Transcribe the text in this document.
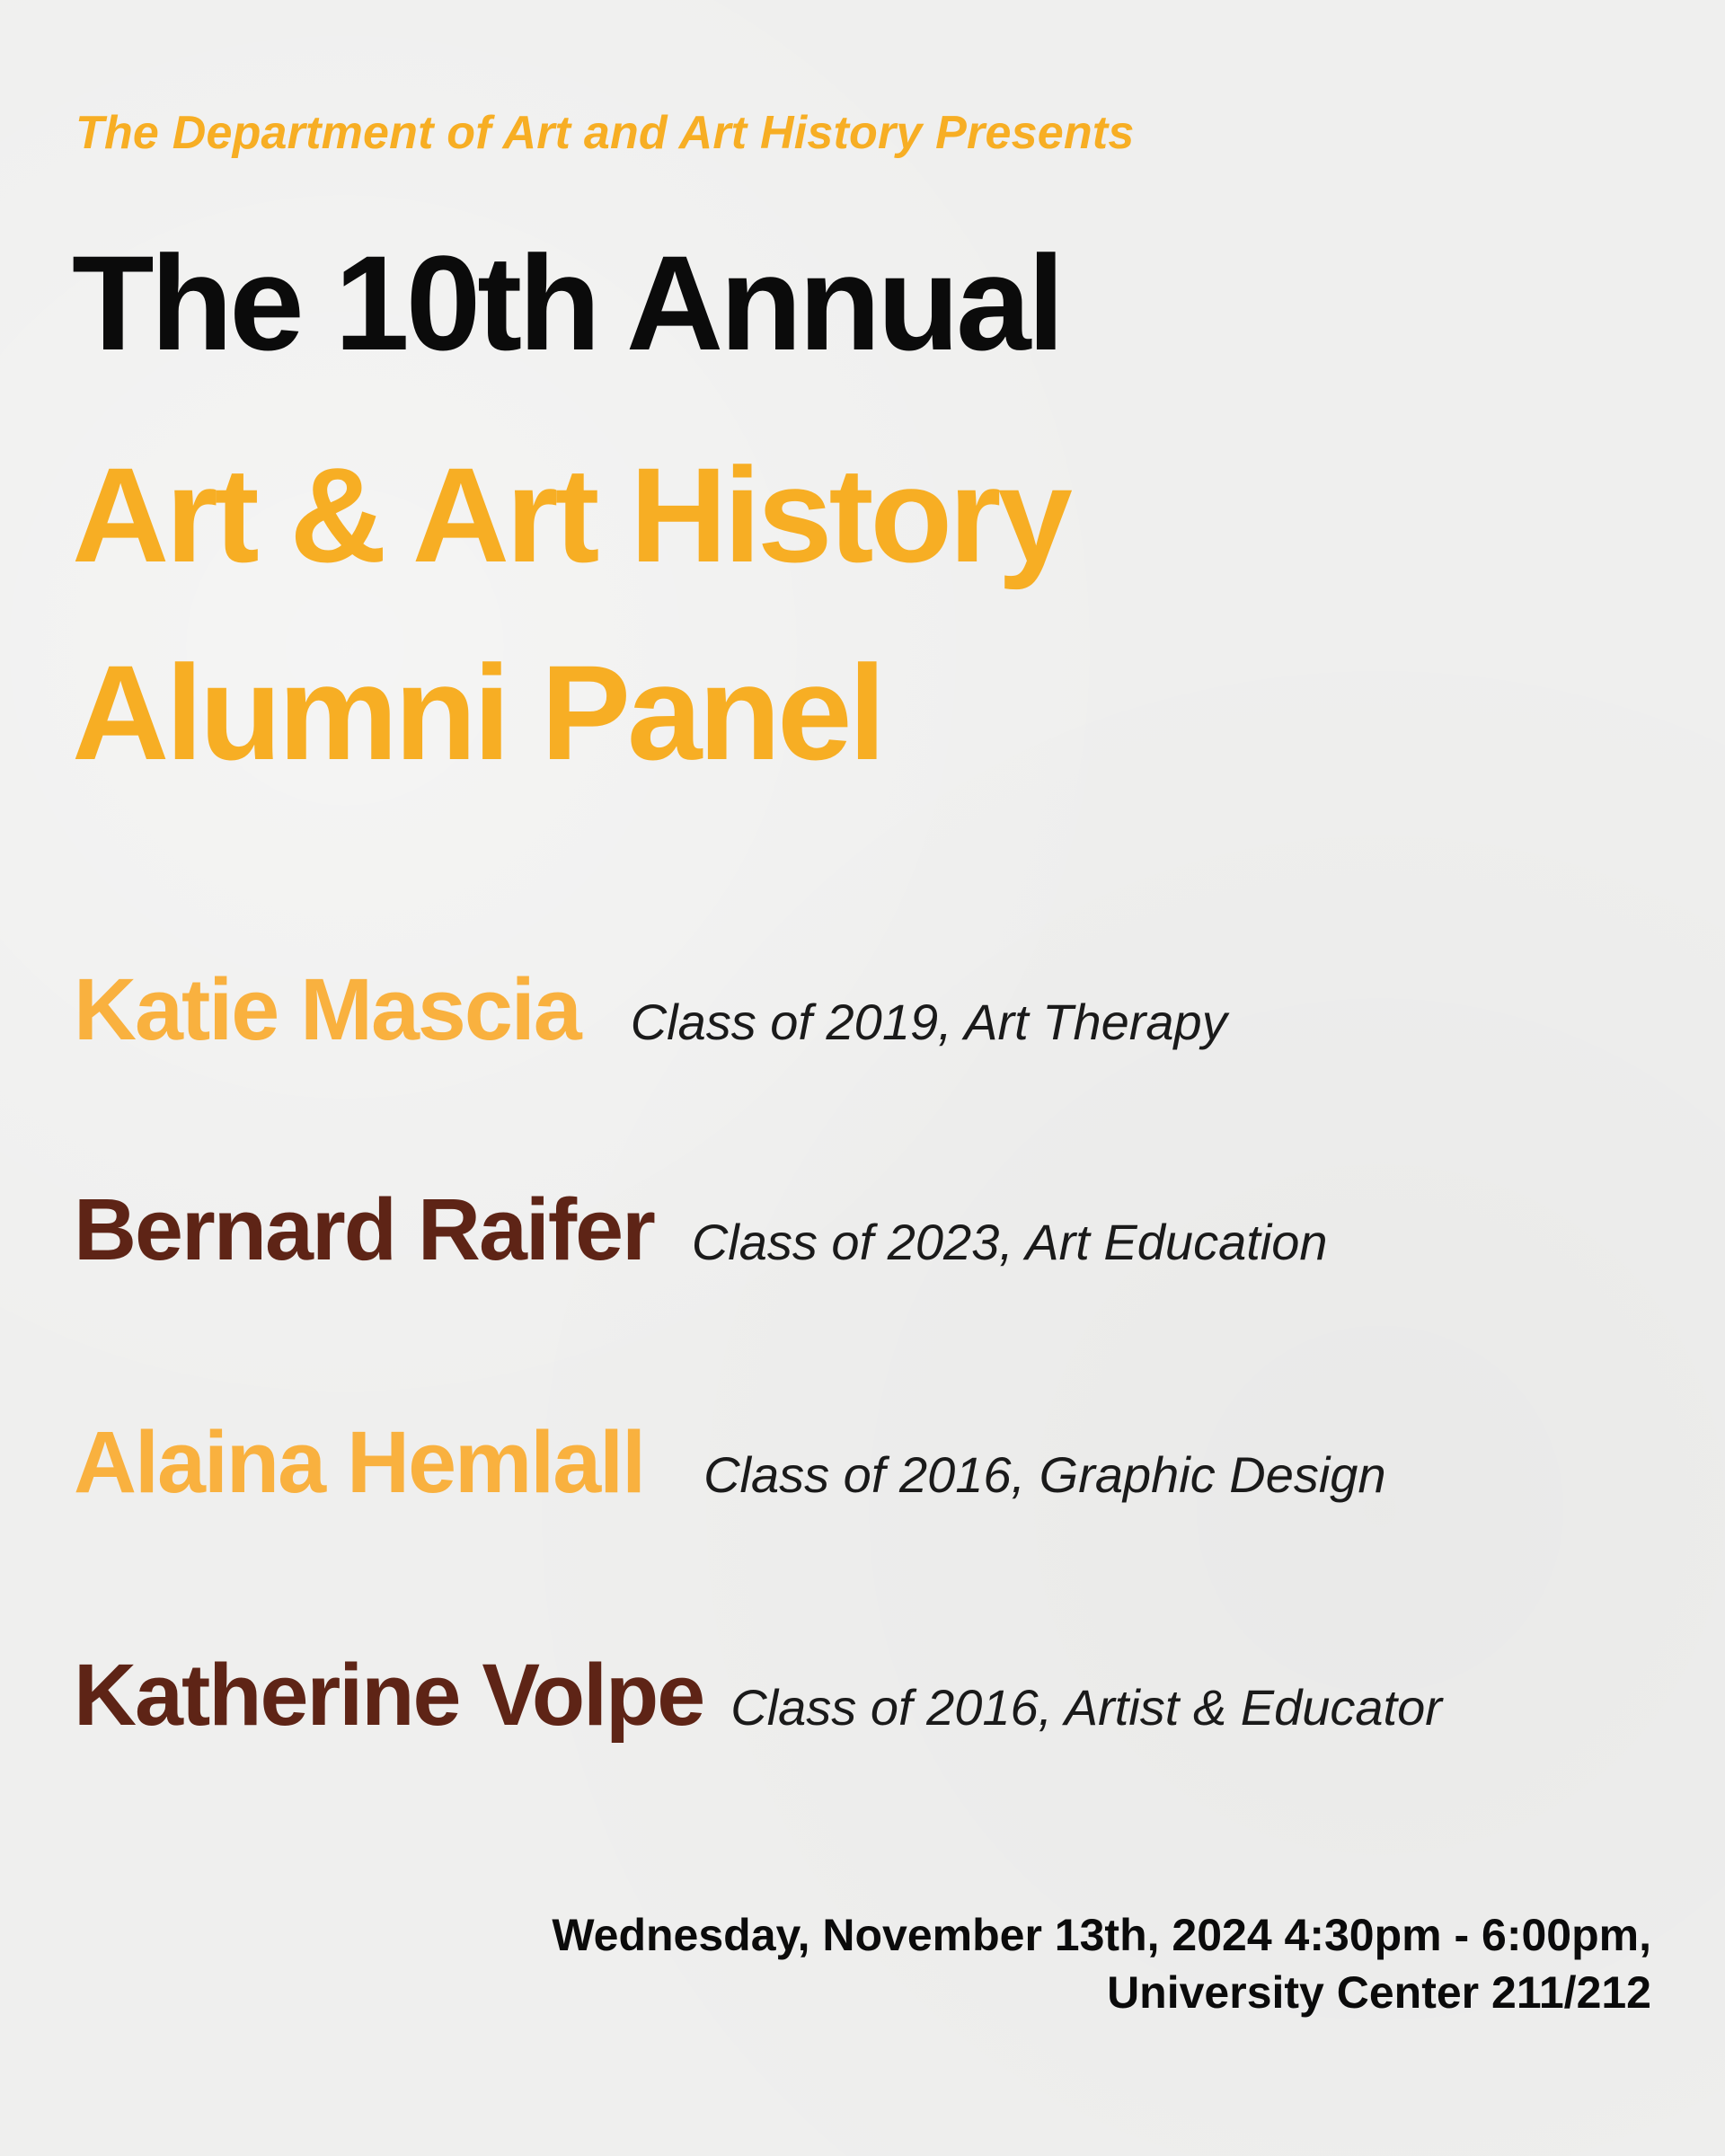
The Department of Art and Art History Presents

The 10th Annual
Art & Art History
Alumni Panel
Katie Mascia Class of 2019, Art Therapy
Bernard Raifer Class of 2023, Art Education
Alaina Hemlall Class of 2016, Graphic Design
Katherine Volpe Class of 2016, Artist & Educator
Wednesday, November 13th, 2024 4:30pm - 6:00pm,
University Center 211/212
